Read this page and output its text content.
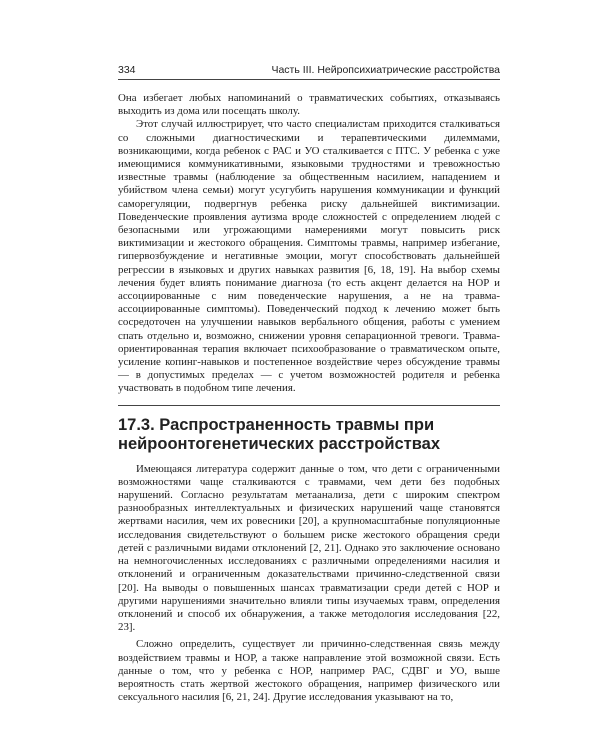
334	Часть III. Нейропсихиатрические расстройства

Она избегает любых напоминаний о травматических событиях, отказываясь выходить из дома или посещать школу.

Этот случай иллюстрирует, что часто специалистам приходится сталкиваться со сложными диагностическими и терапевтическими дилеммами, возникающими, когда ребенок с РАС и УО сталкивается с ПТС. У ребенка с уже имеющимися коммуникативными, языковыми трудностями и тревожностью известные травмы (наблюдение за общественным насилием, нападением и убийством члена семьи) могут усугубить нарушения коммуникации и функций саморегуляции, подвергнув ребенка риску дальнейшей виктимизации. Поведенческие проявления аутизма вроде сложностей с определением людей с безопасными или угрожающими намерениями могут повысить риск виктимизации и жестокого обращения. Симптомы травмы, например избегание, гипервозбуждение и негативные эмоции, могут способствовать дальнейшей регрессии в языковых и других навыках развития [6, 18, 19]. На выбор схемы лечения будет влиять понимание диагноза (то есть акцент делается на НОР и ассоциированные с ним поведенческие нарушения, а не на травма-ассоциированные симптомы). Поведенческий подход к лечению может быть сосредоточен на улучшении навыков вербального общения, работы с умением спать отдельно и, возможно, снижении уровня сепарационной тревоги. Травма-ориентированная терапия включает психообразование о травматическом опыте, усиление копинг-навыков и постепенное воздействие через обсуждение травмы — в допустимых пределах — с учетом возможностей родителя и ребенка участвовать в подобном типе лечения.

17.3. Распространенность травмы при нейроонтогенетических расстройствах

Имеющаяся литература содержит данные о том, что дети с ограниченными возможностями чаще сталкиваются с травмами, чем дети без подобных нарушений. Согласно результатам метаанализа, дети с широким спектром разнообразных интеллектуальных и физических нарушений чаще становятся жертвами насилия, чем их ровесники [20], а крупномасштабные популяционные исследования свидетельствуют о большем риске жестокого обращения среди детей с различными видами отклонений [2, 21]. Однако это заключение основано на немногочисленных исследованиях с различными определениями насилия и отклонений и ограниченным доказательствами причинно-следственной связи [20]. На выводы о повышенных шансах травматизации среди детей с НОР и другими нарушениями значительно влияли типы изучаемых травм, определения отклонений и способ их обнаружения, а также методология исследования [22, 23].

Сложно определить, существует ли причинно-следственная связь между воздействием травмы и НОР, а также направление этой возможной связи. Есть данные о том, что у ребенка с НОР, например РАС, СДВГ и УО, выше вероятность стать жертвой жестокого обращения, например физического или сексуального насилия [6, 21, 24]. Другие исследования указывают на то,
